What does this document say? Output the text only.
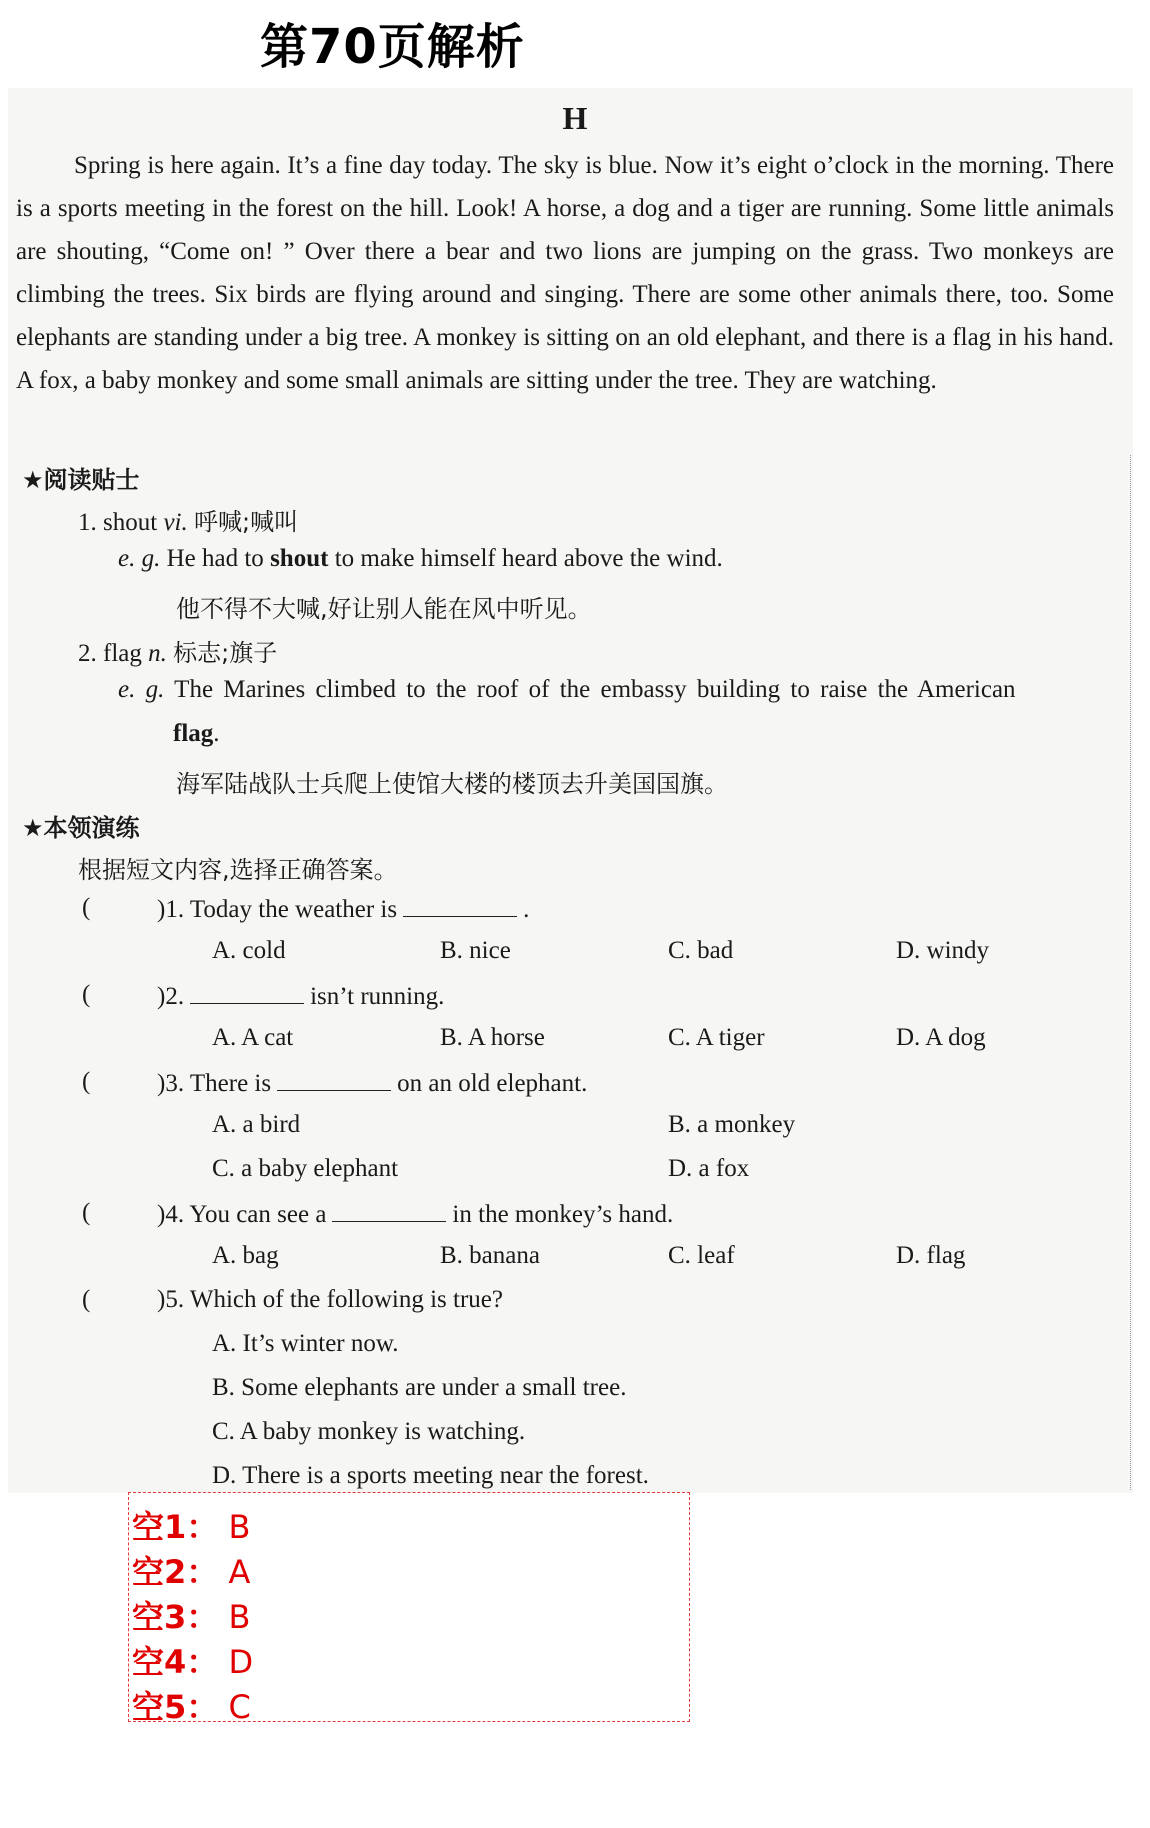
第70页解析
H

Spring is here again. It’s a fine day today. The sky is blue. Now it’s eight o’clock in the morning. There is a sports meeting in the forest on the hill. Look! A horse, a dog and a tiger are running. Some little animals are shouting, “Come on! ” Over there a bear and two lions are jumping on the grass. Two monkeys are climbing the trees. Six birds are flying around and singing. There are some other animals there, too. Some elephants are standing under a big tree. A monkey is sitting on an old elephant, and there is a flag in his hand. A fox, a baby monkey and some small animals are sitting under the tree. They are watching.

★阅读贴士
1. shout vi. 呼喊;喊叫
e. g. He had to shout to make himself heard above the wind.
他不得不大喊,好让别人能在风中听见。
2. flag n. 标志;旗子
e. g. The Marines climbed to the roof of the embassy building to raise the American
flag.
海军陆战队士兵爬上使馆大楼的楼顶去升美国国旗。
★本领演练
根据短文内容,选择正确答案。
(	)1. Today the weather is	.
A. cold	B. nice	C. bad	D. windy
(	)2.	isn’t running.
A. A cat	B. A horse	C. A tiger	D. A dog
(	)3. There is	on an old elephant.
A. a bird	B. a monkey
C. a baby elephant	D. a fox
(	)4. You can see a	in the monkey’s hand.
A. bag	B. banana	C. leaf	D. flag
(	)5. Which of the following is true?
A. It’s winter now.
B. Some elephants are under a small tree.
C. A baby monkey is watching.
D. There is a sports meeting near the forest.
空1： B
空2： A
空3： B
空4： D
空5： C
